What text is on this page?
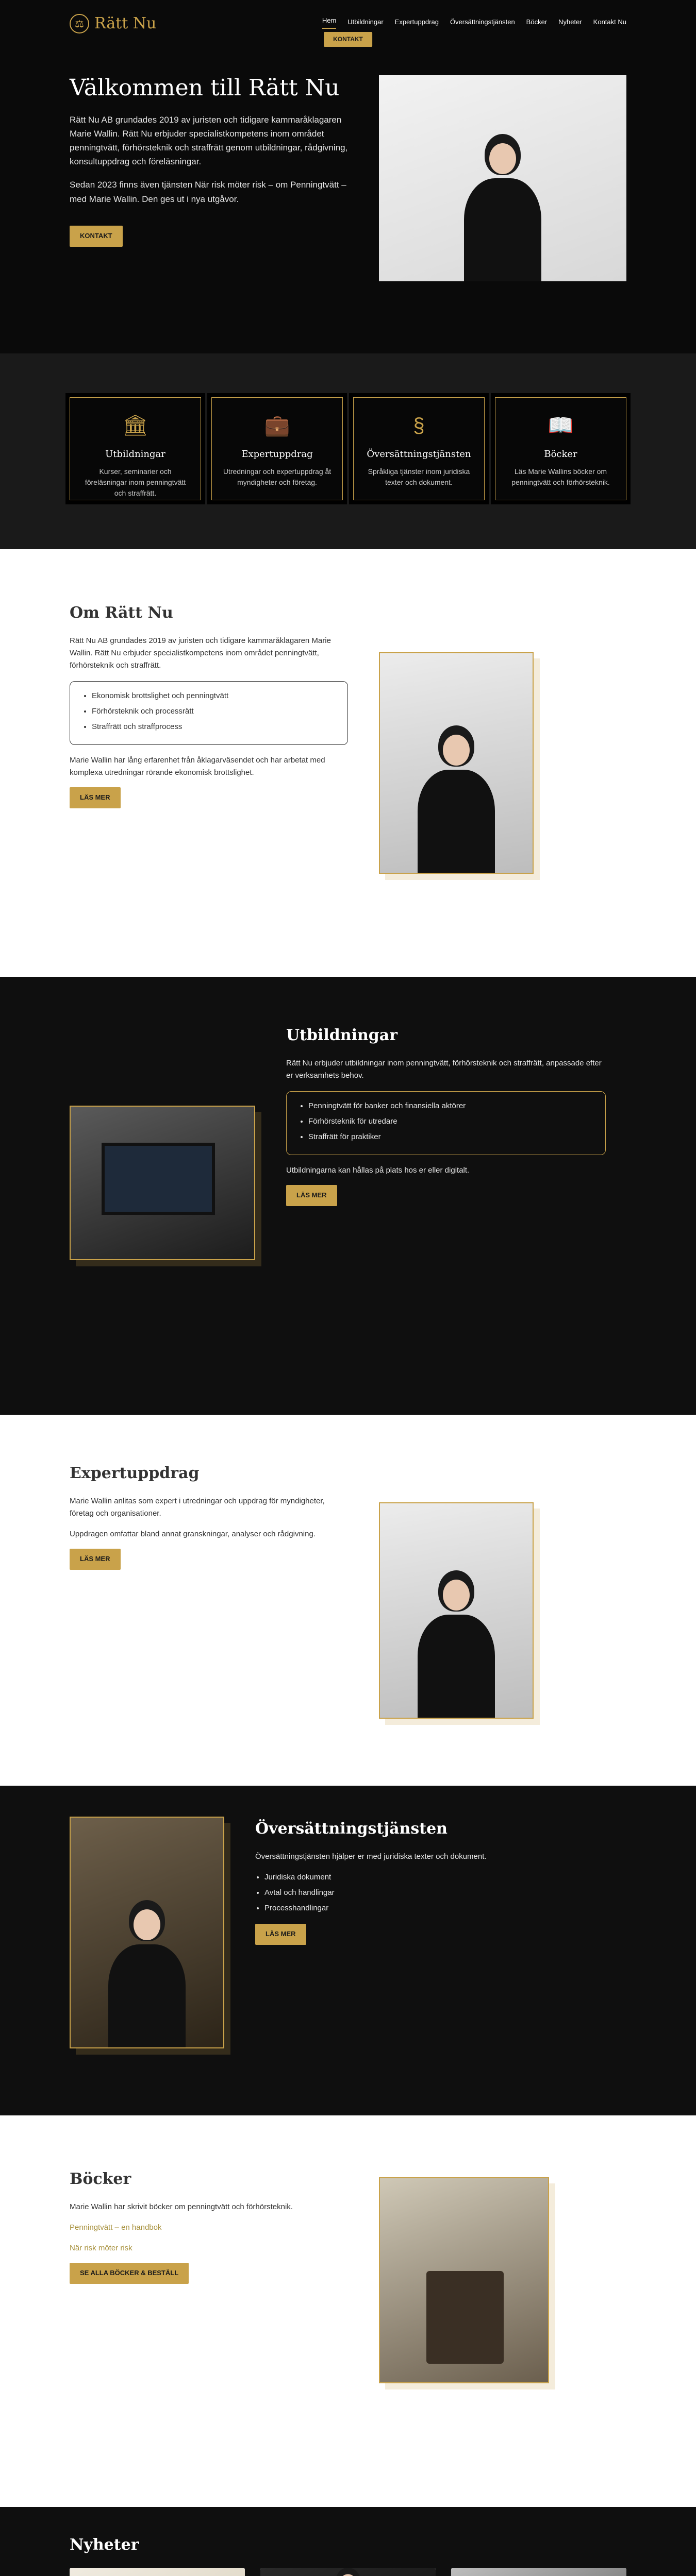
⚖ Rätt Nu	Hem Utbildningar Expertuppdrag Översättningstjänsten Böcker Nyheter Kontakt Nu
KONTAKT
Välkommen till Rätt Nu

Rätt Nu AB grundades 2019 av juristen och tidigare kammaråklagaren Marie Wallin. Rätt Nu erbjuder specialistkompetens inom området penningtvätt, förhörsteknik och straffrätt genom utbildningar, rådgivning, konsultuppdrag och föreläsningar.

Sedan 2023 finns även tjänsten När risk möter risk – om Penningtvätt – med Marie Wallin. Den ges ut i nya utgåvor.

KONTAKT
🏛
Utbildningar

Kurser, seminarier och föreläsningar inom penningtvätt och straffrätt.

💼
Expertuppdrag

Utredningar och expertuppdrag åt myndigheter och företag.

§
Översättningstjänsten

Språkliga tjänster inom juridiska texter och dokument.

📖
Böcker

Läs Marie Wallins böcker om penningtvätt och förhörsteknik.

Om Rätt Nu

Rätt Nu AB grundades 2019 av juristen och tidigare kammaråklagaren Marie Wallin. Rätt Nu erbjuder specialistkompetens inom området penningtvätt, förhörsteknik och straffrätt.

• Ekonomisk brottslighet och penningtvätt
• Förhörsteknik och processrätt
• Straffrätt och straffprocess

Marie Wallin har lång erfarenhet från åklagarväsendet och har arbetat med komplexa utredningar rörande ekonomisk brottslighet.

LÄS MER
Utbildningar

Rätt Nu erbjuder utbildningar inom penningtvätt, förhörsteknik och straffrätt, anpassade efter er verksamhets behov.

• Penningtvätt för banker och finansiella aktörer
• Förhörsteknik för utredare
• Straffrätt för praktiker

Utbildningarna kan hållas på plats hos er eller digitalt.

LÄS MER
Expertuppdrag

Marie Wallin anlitas som expert i utredningar och uppdrag för myndigheter, företag och organisationer.

Uppdragen omfattar bland annat granskningar, analyser och rådgivning.

LÄS MER
Översättningstjänsten

Översättningstjänsten hjälper er med juridiska texter och dokument.

• Juridiska dokument
• Avtal och handlingar
• Processhandlingar
LÄS MER
Böcker

Marie Wallin har skrivit böcker om penningtvätt och förhörsteknik.

Penningtvätt – en handbok

När risk möter risk

SE ALLA BÖCKER & BESTÄLL
Nyheter
